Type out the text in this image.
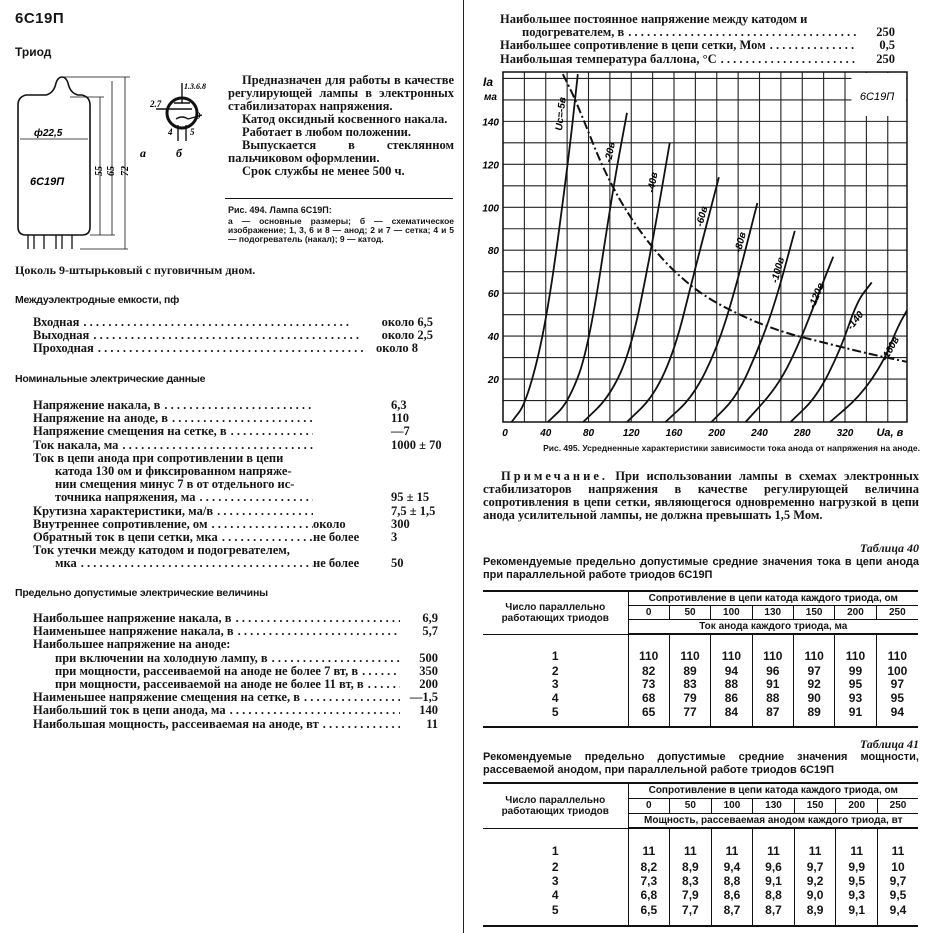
6С19П
Триод
ф22,5
6С19П
55 65 72
а
1.3.6.8
2.7
9
4 5
б

Предназначен для работы в качестве регулирующей лампы в электронных стабилизаторах напряжения.

Катод оксидный косвенного накала.

Работает в любом положении.

Выпускается в стеклянном пальчиковом оформлении.

Срок службы не менее 500 ч.

Рис. 494. Лампа 6С19П:
а — основные размеры; б — схематическое изображение; 1, 3, 6 и 8 — анод; 2 и 7 — сетка; 4 и 5 — подогреватель (накал); 9 — катод.
Цоколь 9-штырьковый с пуговичным дном.
Междуэлектродные емкости, пф
Входная . . .	около 6,5
Выходная . . .	около 2,5
Проходная . . .	около 8
Номинальные электрические данные
Напряжение накала, в . . .	6,3
Напряжение на аноде, в . . .	110
Напряжение смещения на сетке, в . . .	—7
Ток накала, ма . . .	1000 ± 70
Ток в цепи анода при сопротивлении в цепи
катода 130 ом и фиксированном напряже-
нии смещения минус 7 в от отдельного ис-
точника напряжения, ма . . .	95 ± 15
Крутизна характеристики, ма/в . . .	7,5 ± 1,5
Внутреннее сопротивление, ом . . .	около	300
Обратный ток в цепи сетки, мка . . .	не более	3
Ток утечки между катодом и подогревателем,
мка . . .	не более	50
Предельно допустимые электрические величины
Наибольшее напряжение накала, в . . .	6,9
Наименьшее напряжение накала, в . . .	5,7
Наибольшее напряжение на аноде:
при включении на холодную лампу, в . . .	500
при мощности, рассеиваемой на аноде не более 7 вт, в . . .	350
при мощности, рассеиваемой на аноде не более 11 вт, в . . .	200
Наименьшее напряжение смещения на сетке, в . . .	—1,5
Наибольший ток в цепи анода, ма . . .	140
Наибольшая мощность, рассеиваемая на аноде, вт . . .	11
Наибольшее постоянное напряжение между катодом и
подогревателем, в . . .	250
Наибольшее сопротивление в цепи сетки, Мом . . .	0,5
Наибольшая температура баллона, °C . . .	250
6С19П
Uc=-5в
-20в
-40в
-60в
-80в
-100в
-120в
-140
-160в
20
40
60
80
100
120
140
0	40	80	120	160	200	240	280	320 Ua, в
Ia
ма
Рис. 495. Усредненные характеристики зависимости тока анода от напряжения на аноде.
Примечание. При использовании лампы в схемах электронных стабилизаторов напряжения в качестве регулирующей величина сопротивления в цепи сетки, являющегося одновременно нагрузкой в цепи анода усилительной лампы, не должна превышать 1,5 Мом.
Таблица 40
Рекомендуемые предельно допустимые средние значения тока в цепи анода при параллельной работе триодов 6С19П
Число параллельно работающих триодов	Сопротивление в цепи катода каждого триода, ом						
	0	50	100	130	150	200	250
	Ток анода каждого триода, ма						
1	110	110	110	110	110	110	110
2	82	89	94	96	97	99	100
3	73	83	88	91	92	95	97
4	68	79	86	88	90	93	95
5	65	77	84	87	89	91	94
Таблица 41
Рекомендуемые предельно допустимые средние значения мощности, рассеваемой анодом, при параллельной работе триодов 6С19П
Число параллельно работающих триодов	Сопротивление в цепи катода каждого триода, ом						
	0	50	100	130	150	200	250
	Мощность, рассеваемая анодом каждого триода, вт						
1	11	11	11	11	11	11	11
2	8,2	8,9	9,4	9,6	9,7	9,9	10
3	7,3	8,3	8,8	9,1	9,2	9,5	9,7
4	6,8	7,9	8,6	8,8	9,0	9,3	9,5
5	6,5	7,7	8,7	8,7	8,9	9,1	9,4
